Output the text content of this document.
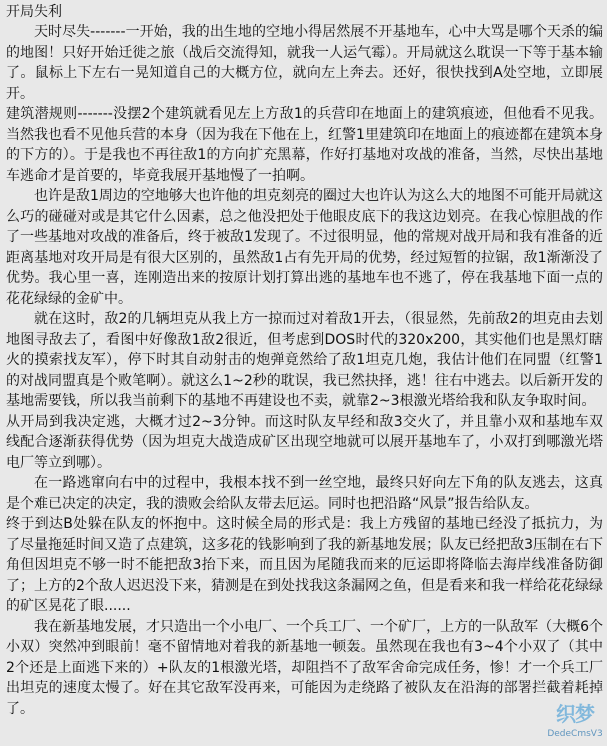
开局失利

天时尽失-------一开始，我的出生地的空地小得居然展不开基地车，心中大骂是哪个天杀的编的地图！只好开始迁徙之旅（战后交流得知，就我一人运气霉）。开局就这么耽误一下等于基本输了。鼠标上下左右一晃知道自己的大概方位，就向左上奔去。还好，很快找到A处空地，立即展开。

建筑潜规则-------没摆2个建筑就看见左上方敌1的兵营印在地面上的建筑痕迹，但他看不见我。当然我也看不见他兵营的本身（因为我在下他在上，红警1里建筑印在地面上的痕迹都在建筑本身的下方的）。于是我也不再往敌1的方向扩充黑幕，作好打基地对攻战的准备，当然，尽快出基地车逃命才是首要的，毕竟我展开基地慢了一拍啊。

也许是敌1周边的空地够大也许他的坦克刻亮的圈过大也许认为这么大的地图不可能开局就这么巧的碰碰对或是其它什么因素，总之他没把处于他眼皮底下的我这边划亮。在我心惊胆战的作了一些基地对攻战的准备后，终于被敌1发现了。不过很明显，他的常规对战开局和我有准备的近距离基地对攻开局是有很大区别的，虽然敌1占有先开局的优势，经过短暂的拉锯，敌1渐渐没了优势。我心里一喜，连刚造出来的按原计划打算出逃的基地车也不逃了，停在我基地下面一点的花花绿绿的金矿中。

就在这时，敌2的几辆坦克从我上方一掠而过对着敌1开去，（很显然，先前敌2的坦克由去划地图寻敌去了，看图中好像敌1敌2很近，但考虑到DOS时代的320x200，其实他们也是黑灯瞎火的摸索找友军），停下时其自动射击的炮弹竟然给了敌1坦克几炮，我估计他们在同盟（红警1的对战同盟真是个败笔啊）。就这么1~2秒的耽误，我已然抉择，逃！往右中逃去。以后新开发的基地需要钱，所以我当前剩下的基地不再建设也不卖，就靠2~3根激光塔给我和队友争取时间。

从开局到我决定逃，大概才过2~3分钟。而这时队友早经和敌3交火了，并且靠小双和基地车双线配合逐渐获得优势（因为坦克大战造成矿区出现空地就可以展开基地车了，小双打到哪激光塔电厂等立到哪）。

在一路逃窜向右中的过程中，我根本找不到一丝空地，最终只好向左下角的队友逃去，这真是个难已决定的决定，我的溃败会给队友带去厄运。同时也把沿路“风景”报告给队友。

终于到达B处躲在队友的怀抱中。这时候全局的形式是：我上方残留的基地已经没了抵抗力，为了尽量拖延时间又造了点建筑，这多花的钱影响到了我的新基地发展；队友已经把敌3压制在右下角但因坦克不够一时不能把敌3抬下来，而且因为尾随我而来的厄运即将降临去海岸线准备防御了；上方的2个敌人迟迟没下来，猜测是在到处找我这条漏网之鱼，但是看来和我一样给花花绿绿的矿区晃花了眼......

我在新基地发展，才只造出一个小电厂、一个兵工厂、一个矿厂，上方的一队敌军（大概6个小双）突然冲到眼前！毫不留情地对着我的新基地一顿轰。虽然现在我也有3~4个小双了（其中2个还是上面逃下来的）+队友的1根激光塔，却阻挡不了敌军舍命完成任务，惨！才一个兵工厂出坦克的速度太慢了。好在其它敌军没再来，可能因为走绕路了被队友在沿海的部署拦截着耗掉了。	织梦
DedeCmsV3
